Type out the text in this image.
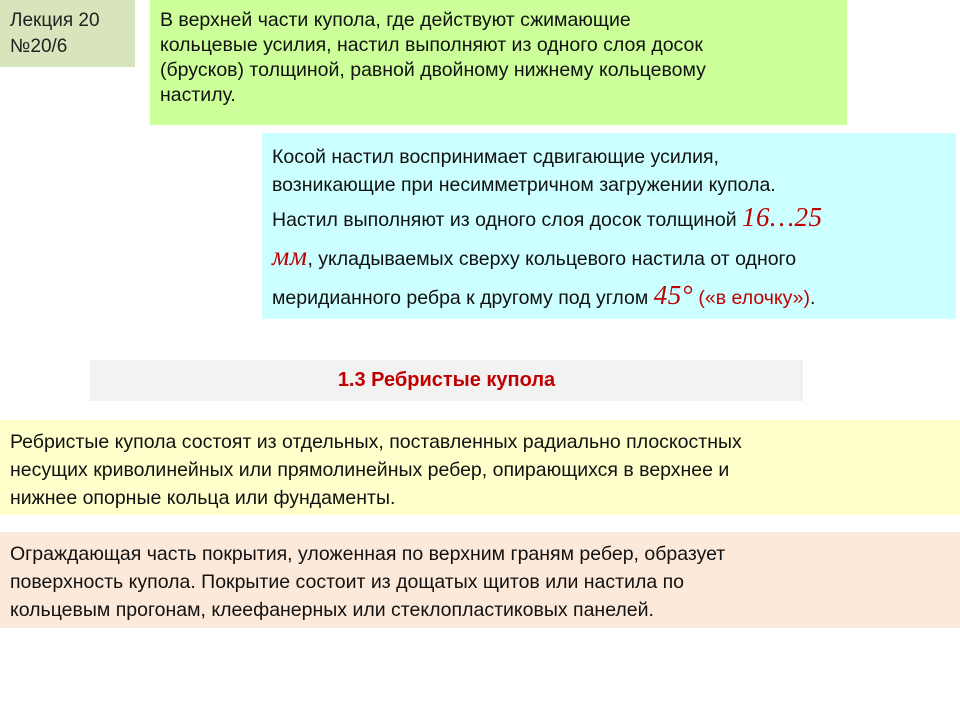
Лекция 20
№20/6
В верхней части купола, где действуют сжимающие
кольцевые усилия, настил выполняют из одного слоя досок
(брусков) толщиной, равной двойному нижнему кольцевому
настилу.
Косой настил воспринимает сдвигающие усилия,
возникающие при несимметричном загружении купола.
Настил выполняют из одного слоя досок толщиной 16…25
мм, укладываемых сверху кольцевого настила от одного
меридианного ребра к другому под углом 45° («в елочку»).
1.3 Ребристые купола
Ребристые купола состоят из отдельных, поставленных радиально плоскостных
несущих криволинейных или прямолинейных ребер, опирающихся в верхнее и
нижнее опорные кольца или фундаменты.
Ограждающая часть покрытия, уложенная по верхним граням ребер, образует
поверхность купола. Покрытие состоит из дощатых щитов или настила по
кольцевым прогонам, клеефанерных или стеклопластиковых панелей.
